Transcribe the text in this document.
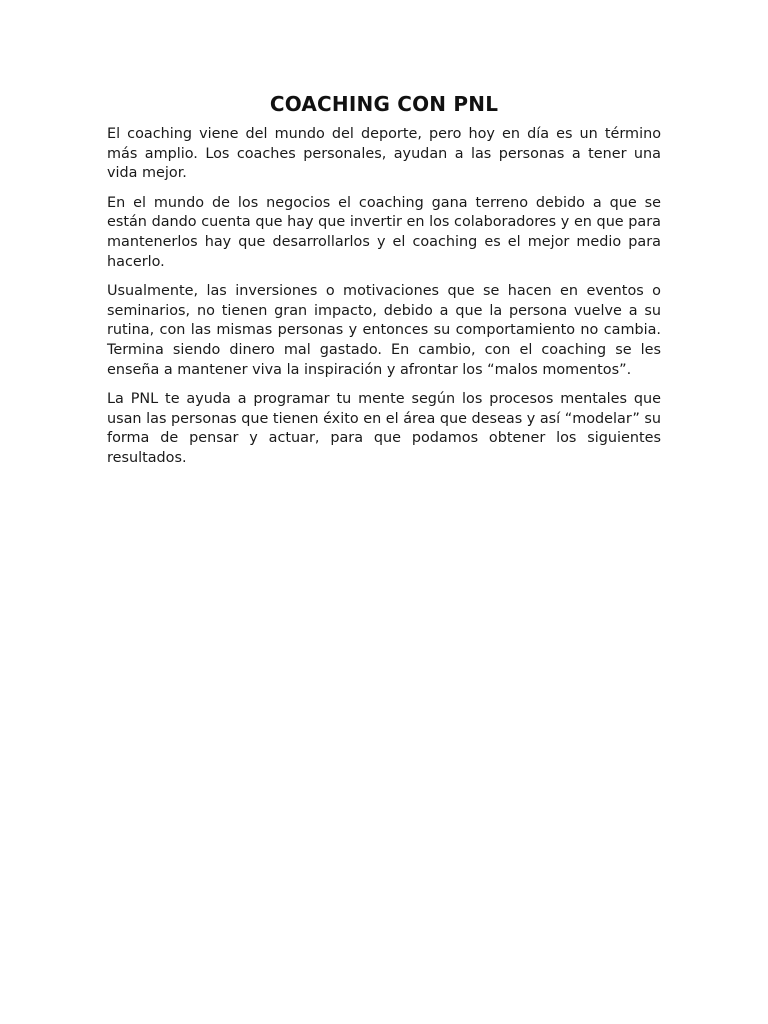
COACHING CON PNL

El coaching viene del mundo del deporte, pero hoy en día es un término más amplio. Los coaches personales, ayudan a las personas a tener una vida mejor.

En el mundo de los negocios el coaching gana terreno debido a que se están dando cuenta que hay que invertir en los colaboradores y en que para mantenerlos hay que desarrollarlos y el coaching es el mejor medio para hacerlo.

Usualmente, las inversiones o motivaciones que se hacen en eventos o seminarios, no tienen gran impacto, debido a que la persona vuelve a su rutina, con las mismas personas y entonces su comportamiento no cambia. Termina siendo dinero mal gastado. En cambio, con el coaching se les enseña a mantener viva la inspiración y afrontar los “malos momentos”.

La PNL te ayuda a programar tu mente según los procesos mentales que usan las personas que tienen éxito en el área que deseas y así “modelar” su forma de pensar y actuar, para que podamos obtener los siguientes resultados.
